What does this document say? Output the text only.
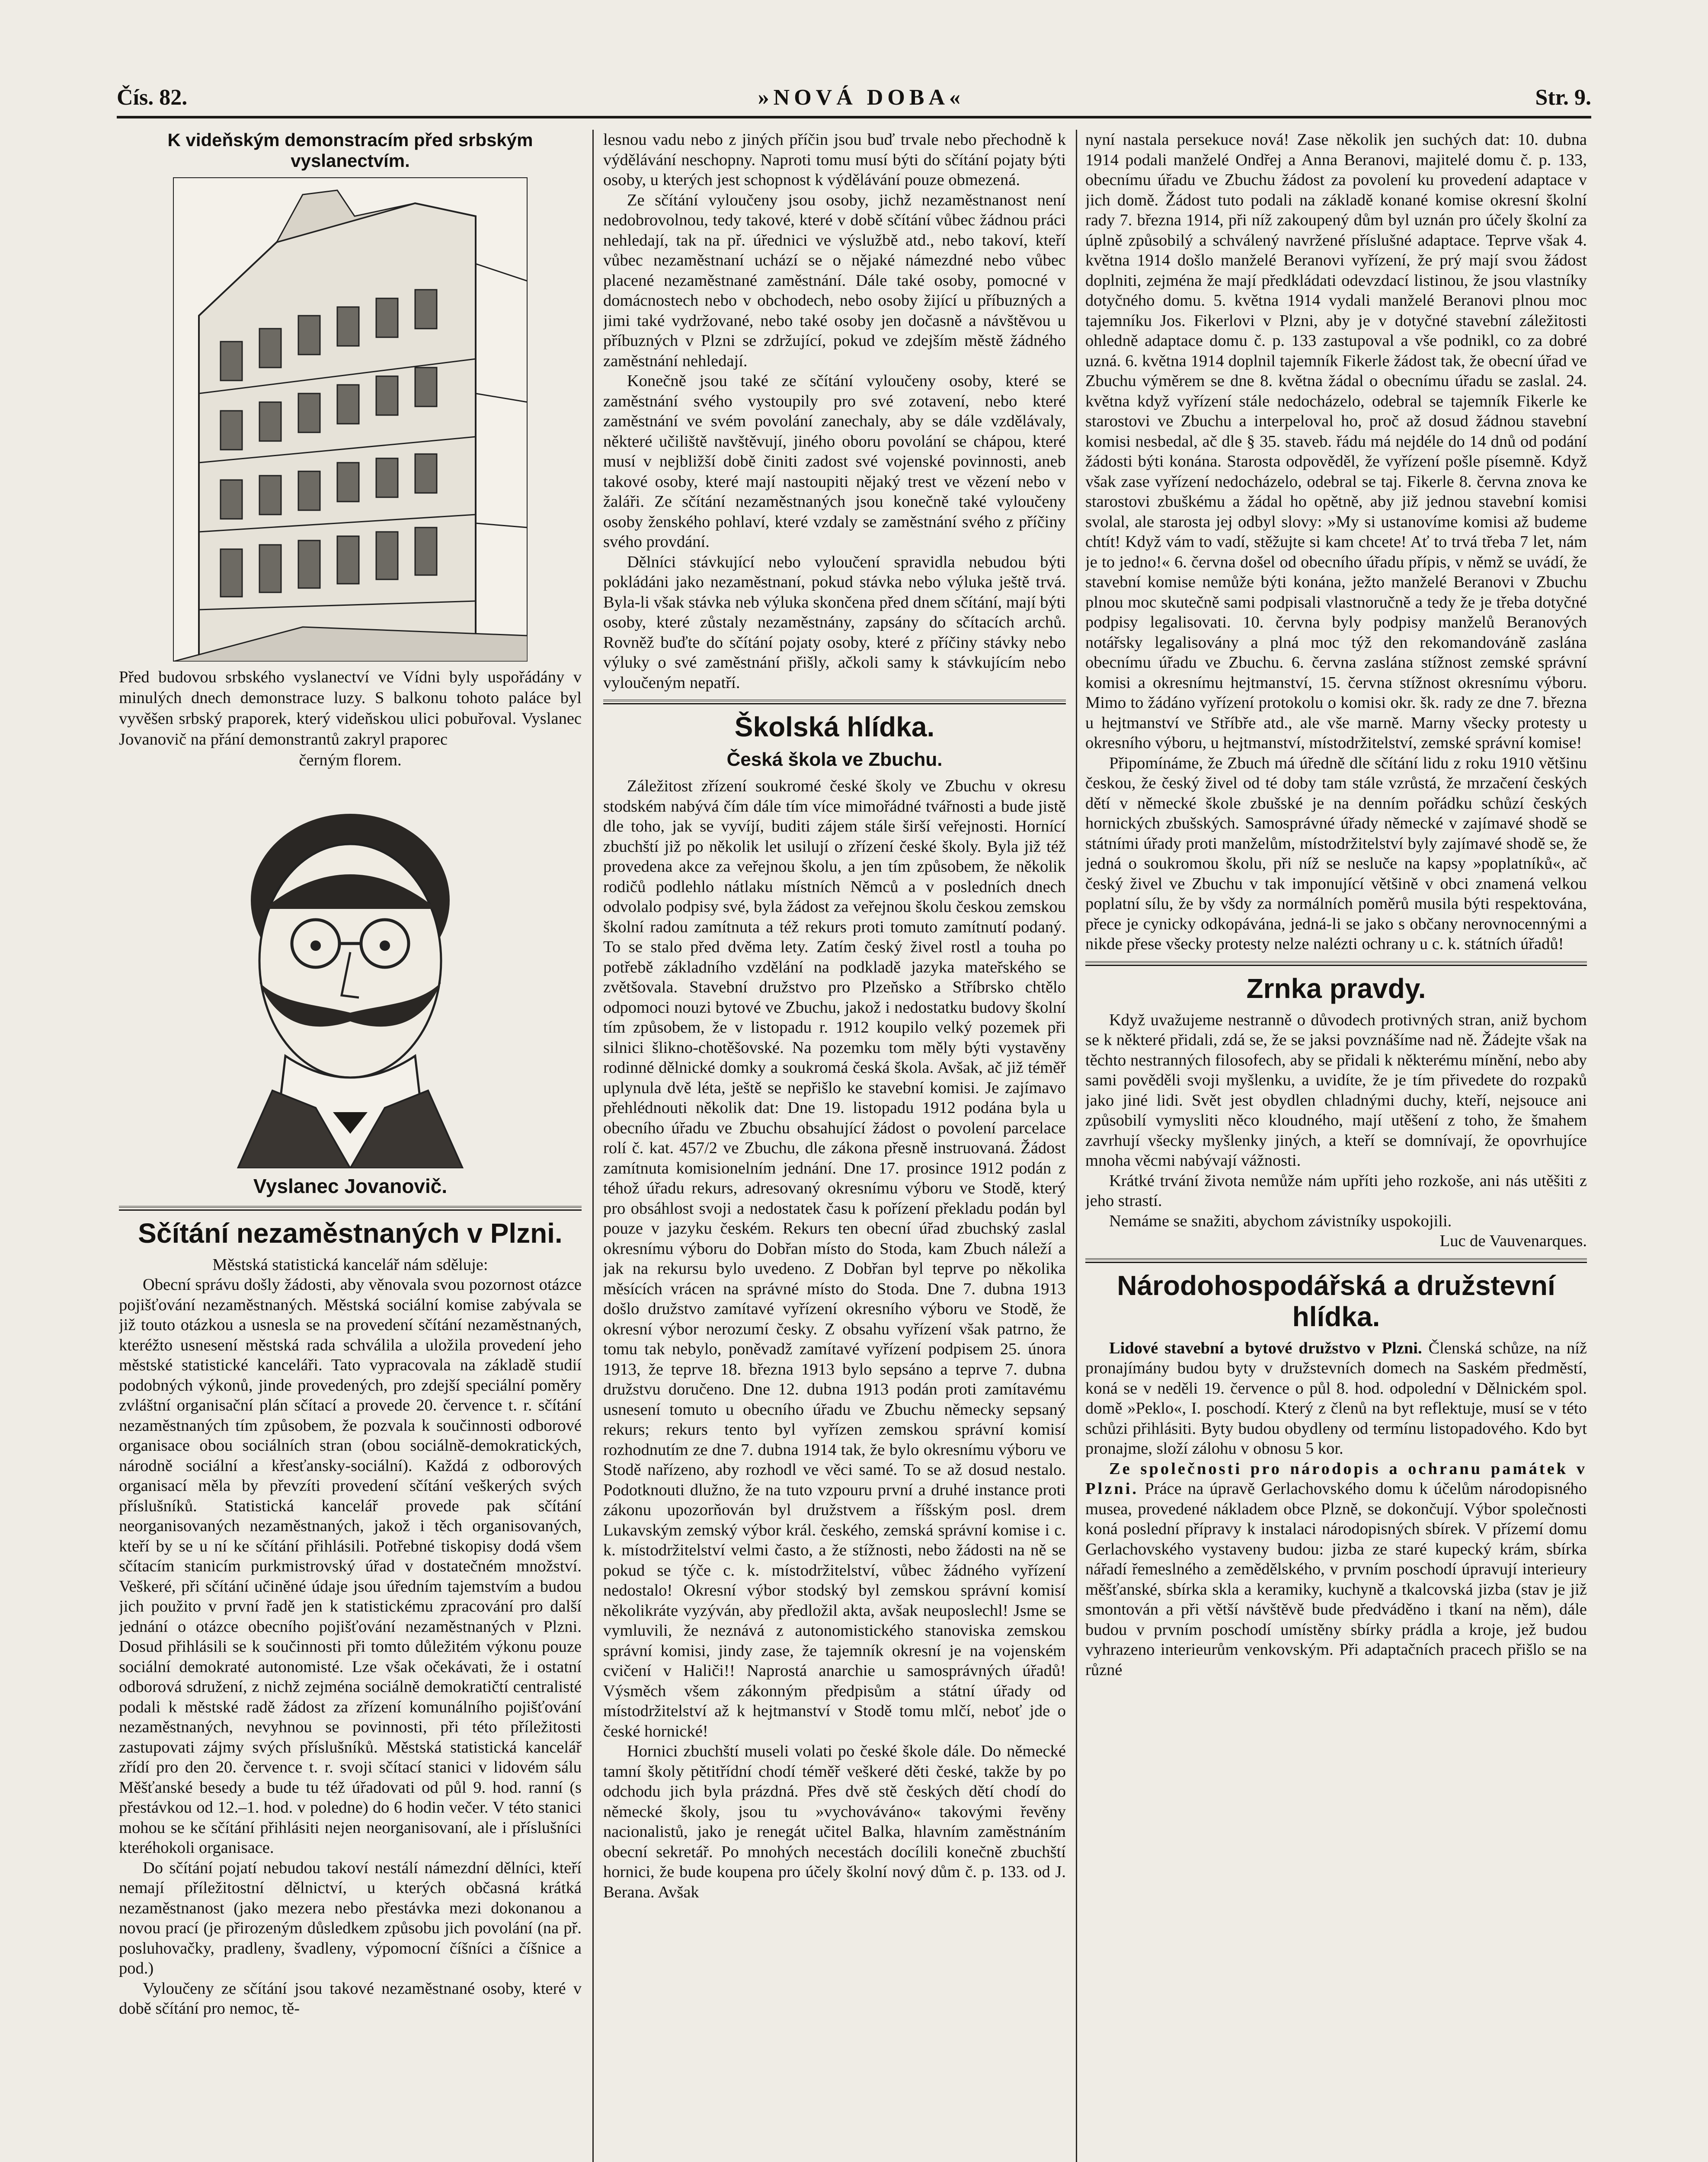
Čís. 82.	»NOVÁ DOBA«	Str. 9.
K videňským demonstracím před srbským vyslanectvím.
Před budovou srbského vyslanectví ve Vídni byly uspořádány v minulých dnech demonstrace luzy. S balkonu tohoto paláce byl vyvěšen srbský praporek, který videňskou ulici pobuřoval. Vyslanec Jovanovič na přání demonstrantů zakryl praporec
černým florem.
Vyslanec Jovanovič.
Sčítání nezaměstnaných v Plzni.

Městská statistická kancelář nám sděluje:

Obecní správu došly žádosti, aby věnovala svou pozornost otázce pojišťování nezaměstnaných. Městská sociální komise zabývala se již touto otázkou a usnesla se na provedení sčítání nezaměstnaných, kteréžto usnesení městská rada schválila a uložila provedení jeho městské statistické kanceláři. Tato vypracovala na základě studií podobných výkonů, jinde provedených, pro zdejší speciální poměry zvláštní organisační plán sčítací a provede 20. července t. r. sčítání nezaměstnaných tím způsobem, že pozvala k součinnosti odborové organisace obou sociálních stran (obou sociálně-demokratických, národně sociální a křesťansky-sociální). Každá z odborových organisací měla by převzíti provedení sčítání veškerých svých příslušníků. Statistická kancelář provede pak sčítání neorganisovaných nezaměstnaných, jakož i těch organisovaných, kteří by se u ní ke sčítání přihlásili. Potřebné tiskopisy dodá všem sčítacím stanicím purkmistrovský úřad v dostatečném množství. Veškeré, při sčítání učiněné údaje jsou úředním tajemstvím a budou jich použito v první řadě jen k statistickému zpracování pro další jednání o otázce obecního pojišťování nezaměstnaných v Plzni. Dosud přihlásili se k součinnosti při tomto důležitém výkonu pouze sociální demokraté autonomisté. Lze však očekávati, že i ostatní odborová sdružení, z nichž zejména sociálně demokratičtí centralisté podali k městské radě žádost za zřízení komunálního pojišťování nezaměstnaných, nevyhnou se povinnosti, při této příležitosti zastupovati zájmy svých příslušníků. Městská statistická kancelář zřídí pro den 20. července t. r. svoji sčítací stanici v lidovém sálu Měšťanské besedy a bude tu též úřadovati od půl 9. hod. ranní (s přestávkou od 12.–1. hod. v poledne) do 6 hodin večer. V této stanici mohou se ke sčítání přihlásiti nejen neorganisovaní, ale i příslušníci kteréhokoli organisace.

Do sčítání pojatí nebudou takoví nestálí námezdní dělníci, kteří nemají příležitostní dělnictví, u kterých občasná krátká nezaměstnanost (jako mezera nebo přestávka mezi dokonanou a novou prací (je přirozeným důsledkem způsobu jich povolání (na př. posluhovačky, pradleny, švadleny, výpomocní číšníci a číšnice a pod.)

Vyloučeny ze sčítání jsou takové nezaměstnané osoby, které v době sčítání pro nemoc, tě-

lesnou vadu nebo z jiných příčin jsou buď trvale nebo přechodně k výdělávání neschopny. Naproti tomu musí býti do sčítání pojaty býti osoby, u kterých jest schopnost k výdělávání pouze obmezená.

Ze sčítání vyloučeny jsou osoby, jichž nezaměstnanost není nedobrovolnou, tedy takové, které v době sčítání vůbec žádnou práci nehledají, tak na př. úřednici ve výslužbě atd., nebo takoví, kteří vůbec nezaměstnaní uchází se o nějaké námezdné nebo vůbec placené nezaměstnané zaměstnání. Dále také osoby, pomocné v domácnostech nebo v obchodech, nebo osoby žijící u příbuzných a jimi také vydržované, nebo také osoby jen dočasně a návštěvou u příbuzných v Plzni se zdržující, pokud ve zdejším městě žádného zaměstnání nehledají.

Konečně jsou také ze sčítání vyloučeny osoby, které se zaměstnání svého vystoupily pro své zotavení, nebo které zaměstnání ve svém povolání zanechaly, aby se dále vzdělávaly, některé učiliště navštěvují, jiného oboru povolání se chápou, které musí v nejbližší době činiti zadost své vojenské povinnosti, aneb takové osoby, které mají nastoupiti nějaký trest ve vězení nebo v žaláři. Ze sčítání nezaměstnaných jsou konečně také vyloučeny osoby ženského pohlaví, které vzdaly se zaměstnání svého z příčiny svého provdání.

Dělníci stávkující nebo vyloučení spravidla nebudou býti pokládáni jako nezaměstnaní, pokud stávka nebo výluka ještě trvá. Byla-li však stávka neb výluka skončena před dnem sčítání, mají býti osoby, které zůstaly nezaměstnány, zapsány do sčítacích archů. Rovněž buďte do sčítání pojaty osoby, které z příčiny stávky nebo výluky o své zaměstnání přišly, ačkoli samy k stávkujícím nebo vyloučeným nepatří.

Školská hlídka.
Česká škola ve Zbuchu.

Záležitost zřízení soukromé české školy ve Zbuchu v okresu stodském nabývá čím dále tím více mimořádné tvářnosti a bude jistě dle toho, jak se vyvíjí, buditi zájem stále širší veřejnosti. Hornící zbuchští již po několik let usilují o zřízení české školy. Byla již též provedena akce za veřejnou školu, a jen tím způsobem, že několik rodičů podlehlo nátlaku místních Němců a v posledních dnech odvolalo podpisy své, byla žádost za veřejnou školu českou zemskou školní radou zamítnuta a též rekurs proti tomuto zamítnutí podaný. To se stalo před dvěma lety. Zatím český živel rostl a touha po potřebě základního vzdělání na podkladě jazyka mateřského se zvětšovala. Stavební družstvo pro Plzeňsko a Stříbrsko chtělo odpomoci nouzi bytové ve Zbuchu, jakož i nedostatku budovy školní tím způsobem, že v listopadu r. 1912 koupilo velký pozemek při silnici šlikno-chotěšovské. Na pozemku tom měly býti vystavěny rodinné dělnické domky a soukromá česká škola. Avšak, ač již téměř uplynula dvě léta, ještě se nepřišlo ke stavební komisi. Je zajímavo přehlédnouti několik dat: Dne 19. listopadu 1912 podána byla u obecního úřadu ve Zbuchu obsahující žádost o povolení parcelace rolí č. kat. 457/2 ve Zbuchu, dle zákona přesně instruovaná. Žádost zamítnuta komisionelním jednání. Dne 17. prosince 1912 podán z téhož úřadu rekurs, adresovaný okresnímu výboru ve Stodě, který pro obsáhlost svoji a nedostatek času k pořízení překladu podán byl pouze v jazyku českém. Rekurs ten obecní úřad zbuchský zaslal okresnímu výboru do Dobřan místo do Stoda, kam Zbuch náleží a jak na rekursu bylo uvedeno. Z Dobřan byl teprve po několika měsících vrácen na správné místo do Stoda. Dne 7. dubna 1913 došlo družstvo zamítavé vyřízení okresního výboru ve Stodě, že okresní výbor nerozumí česky. Z obsahu vyřízení však patrno, že tomu tak nebylo, poněvadž zamítavé vyřízení podpisem 25. února 1913, že teprve 18. března 1913 bylo sepsáno a teprve 7. dubna družstvu doručeno. Dne 12. dubna 1913 podán proti zamítavému usnesení tomuto u obecního úřadu ve Zbuchu německy sepsaný rekurs; rekurs tento byl vyřízen zemskou správní komisí rozhodnutím ze dne 7. dubna 1914 tak, že bylo okresnímu výboru ve Stodě nařízeno, aby rozhodl ve věci samé. To se až dosud nestalo. Podotknouti dlužno, že na tuto vzpouru první a druhé instance proti zákonu upozorňován byl družstvem a říšským posl. drem Lukavským zemský výbor král. českého, zemská správní komise i c. k. místodržitelství velmi často, a že stížnosti, nebo žádosti na ně se pokud se týče c. k. místodržitelství, vůbec žádného vyřízení nedostalo! Okresní výbor stodský byl zemskou správní komisí několikráte vyzýván, aby předložil akta, avšak neuposlechl! Jsme se vymluvili, že neznává z autonomistického stanoviska zemskou správní komisi, jindy zase, že tajemník okresní je na vojenském cvičení v Haliči!! Naprostá anarchie u samosprávných úřadů! Výsměch všem zákonným předpisům a státní úřady od místodržitelství až k hejtmanství v Stodě tomu mlčí, neboť jde o české hornické!

Hornici zbuchští museli volati po české škole dále. Do německé tamní školy pětitřídní chodí téměř veškeré děti české, takže by po odchodu jich byla prázdná. Přes dvě stě českých dětí chodí do německé školy, jsou tu »vychováváno« takovými řevěny nacionalistů, jako je renegát učitel Balka, hlavním zaměstnáním obecní sekretář. Po mnohých necestách docílili konečně zbuchští hornici, že bude koupena pro účely školní nový dům č. p. 133. od J. Berana. Avšak

nyní nastala persekuce nová! Zase několik jen suchých dat: 10. dubna 1914 podali manželé Ondřej a Anna Beranovi, majitelé domu č. p. 133, obecnímu úřadu ve Zbuchu žádost za povolení ku provedení adaptace v jich domě. Žádost tuto podali na základě konané komise okresní školní rady 7. března 1914, při níž zakoupený dům byl uznán pro účely školní za úplně způsobilý a schválený navržené příslušné adaptace. Teprve však 4. května 1914 došlo manželé Beranovi vyřízení, že prý mají svou žádost doplniti, zejména že mají předkládati odevzdací listinou, že jsou vlastníky dotyčného domu. 5. května 1914 vydali manželé Beranovi plnou moc tajemníku Jos. Fikerlovi v Plzni, aby je v dotyčné stavební záležitosti ohledně adaptace domu č. p. 133 zastupoval a vše podnikl, co za dobré uzná. 6. května 1914 doplnil tajemník Fikerle žádost tak, že obecní úřad ve Zbuchu výměrem se dne 8. května žádal o obecnímu úřadu se zaslal. 24. května když vyřízení stále nedocházelo, odebral se tajemník Fikerle ke starostovi ve Zbuchu a interpeloval ho, proč až dosud žádnou stavební komisi nesbedal, ač dle § 35. staveb. řádu má nejdéle do 14 dnů od podání žádosti býti konána. Starosta odpověděl, že vyřízení pošle písemně. Když však zase vyřízení nedocházelo, odebral se taj. Fikerle 8. června znova ke starostovi zbuškému a žádal ho opětně, aby již jednou stavební komisi svolal, ale starosta jej odbyl slovy: »My si ustanovíme komisi až budeme chtít! Když vám to vadí, stěžujte si kam chcete! Ať to trvá třeba 7 let, nám je to jedno!« 6. června došel od obecního úřadu přípis, v němž se uvádí, že stavební komise nemůže býti konána, ježto manželé Beranovi v Zbuchu plnou moc skutečně sami podpisali vlastnoručně a tedy že je třeba dotyčné podpisy legalisovati. 10. června byly podpisy manželů Beranových notářsky legalisovány a plná moc týž den rekomandováně zaslána obecnímu úřadu ve Zbuchu. 6. června zaslána stížnost zemské správní komisi a okresnímu hejtmanství, 15. června stížnost okresnímu výboru. Mimo to žádáno vyřízení protokolu o komisi okr. šk. rady ze dne 7. března u hejtmanství ve Stříbře atd., ale vše marně. Marny všecky protesty u okresního výboru, u hejtmanství, místodržitelství, zemské správní komise!

Připomínáme, že Zbuch má úředně dle sčítání lidu z roku 1910 většinu českou, že český živel od té doby tam stále vzrůstá, že mrzačení českých dětí v německé škole zbušské je na denním pořádku schůzí českých hornických zbušských. Samosprávné úřady německé v zajímavé shodě se státními úřady proti manželům, místodržitelství byly zajímavé shodě se, že jedná o soukromou školu, při níž se nesluče na kapsy »poplatníků«, ač český živel ve Zbuchu v tak imponující většině v obci znamená velkou poplatní sílu, že by všdy za normálních poměrů musila býti respektována, přece je cynicky odkopávána, jedná-li se jako s občany nerovnocennými a nikde přese všecky protesty nelze nalézti ochrany u c. k. státních úřadů!

Zrnka pravdy.

Když uvažujeme nestranně o důvodech protivných stran, aniž bychom se k některé přidali, zdá se, že se jaksi povznášíme nad ně. Žádejte však na těchto nestranných filosofech, aby se přidali k některému mínění, nebo aby sami pověděli svoji myšlenku, a uvidíte, že je tím přivedete do rozpaků jako jiné lidi. Svět jest obydlen chladnými duchy, kteří, nejsouce ani způsobilí vymysliti něco kloudného, mají utěšení z toho, že šmahem zavrhují všecky myšlenky jiných, a kteří se domnívají, že opovrhujíce mnoha věcmi nabývají vážnosti.

Krátké trvání života nemůže nám upříti jeho rozkoše, ani nás utěšiti z jeho strastí.

Nemáme se snažiti, abychom závistníky uspokojili.

Luc de Vauvenarques.
Národohospodářská a družstevní hlídka.

Lidové stavební a bytové družstvo v Plzni. Členská schůze, na níž pronajímány budou byty v družstevních domech na Saském předměstí, koná se v neděli 19. července o půl 8. hod. odpolední v Dělnickém spol. domě »Peklo«, I. poschodí. Který z členů na byt reflektuje, musí se v této schůzi přihlásiti. Byty budou obydleny od termínu listopadového. Kdo byt pronajme, složí zálohu v obnosu 5 kor.

Ze společnosti pro národopis a ochranu památek v Plzni. Práce na úpravě Gerlachovského domu k účelům národopisného musea, provedené nákladem obce Plzně, se dokončují. Výbor společnosti koná poslední přípravy k instalaci národopisných sbírek. V přízemí domu Gerlachovského vystaveny budou: jizba ze staré kupecký krám, sbírka nářadí řemeslného a zemědělského, v prvním poschodí úpravují interieury měšťanské, sbírka skla a keramiky, kuchyně a tkalcovská jizba (stav je již smontován a při větší návštěvě bude předváděno i tkaní na něm), dále budou v prvním poschodí umístěny sbírky prádla a kroje, jež budou vyhrazeno interieurům venkovským. Při adaptačních pracech přišlo se na různé
